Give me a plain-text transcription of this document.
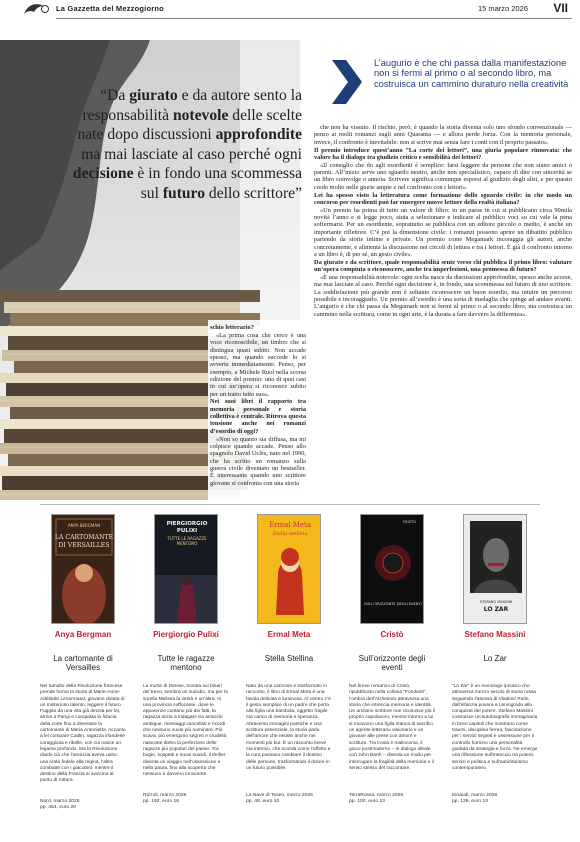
La Gazzetta del Mezzogiorno	15 marzo 2026 VII
“Da giurato e da autore sento la responsabilità notevole delle scelte nate dopo discussioni approfondite ma mai lasciate al caso perché ogni decisione è in fondo una scommessa sul futuro dello scrittore”
L’augurio è che chi passa dalla manifestazione non si fermi al primo o al secondo libro, ma costruisca un cammino duraturo nella creatività

schio letterario?

«La prima cosa che cerco è una voce riconoscibile, un timbro che si distingua quasi subito. Non accade spesso, ma quando succede lo si avverte immediatamente. Penso, per esempio, a Michele Ruol nella scorsa edizione del premio: uno di quei casi in cui un’opera si riconosce subito per un tratto tutto suo».

Nei suoi libri il rapporto tra memoria personale e storia collettiva è centrale. Ritrova questa tensione anche nei romanzi d’esordio di oggi?

«Non so quanto sia diffusa, ma mi colpisce quando accade. Penso allo spagnolo David Uclés, nato nel 1990, che ha scritto un romanzo sulla guerra civile diventato un bestseller. È interessante quando uno scrittore giovane si confronta con una storia

che non ha vissuto. Il rischio, però, è quando la storia diventa solo uno sfondo convenzionale — penso ai molti romanzi sugli anni Quaranta — e allora perde forza. Con la memoria personale, invece, il confronto è inevitabile: non si scrive mai senza fare i conti con il proprio passato».

Il premio introduce quest’anno “La corte dei lettori”, una giuria popolare rinnovata: che valore ha il dialogo tra giudizio critico e sensibilità dei lettori?

«Il consiglio che do agli esordienti è semplice: farsi leggere da persone che non siano amici o parenti. All’inizio serve uno sguardo neutro, anche non specialistico, capace di dire con sincerità se un libro coinvolge o annoia. Scrivere significa comunque esporsi al giudizio degli altri, e per questo credo molto nelle giurie ampie e nel confronto con i lettori».

Lei ha spesso visto la letteratura come formazione dello sguardo civile: in che modo un concorso per esordienti può far emergere nuove letture della realtà italiana?

«Un premio ha prima di tutto un valore di filtro: in un paese in cui si pubblicano circa 90mila novità l’anno e si legge poco, aiuta a selezionare e indicare al pubblico voci su cui vale la pena soffermarsi. Per un esordiente, soprattutto se pubblica con un editore piccolo o medio, è anche un importante riflettore. C’è poi la dimensione civile: i romanzi possono aprire un dibattito pubblico partendo da storie intime e private. Un premio come Megamark incoraggia gli autori, anche concretamente, e alimenta la discussione nei circoli di lettura e tra i lettori. È già il confronto intorno a un libro è, di per sé, un gesto civile».

Da giurato e da scrittore, quale responsabilità sente verso chi pubblica il primo libro: valutare un’opera compiuta o riconoscere, anche tra imperfezioni, una promessa di futuro?

«È una responsabilità notevole: ogni scelta nasce da discussioni approfondite, spesso anche accese, ma mai lasciate al caso. Perché ogni decisione è, in fondo, una scommessa sul futuro di uno scrittore. La soddisfazione più grande non è soltanto riconoscere un buon esordio, ma intuire un percorso possibile e incoraggiarlo. Un premio all’esordio è una sorta di medaglia che spinge ad andare avanti. L’augurio è che chi passa da Megamark non si fermi al primo o al secondo libro, ma costruisca un cammino nella scrittura, come in ogni arte, è la durata a fare davvero la differenza».

ANYA BERGMAN
LA CARTOMANTE
DI VERSAILLES
Anya Bergman
La cartomante di Versailles
Nel tumulto della Rivoluzione francese prende forma la storia di Marie-Anne-Adélaïde Lenormand, giovane dotata di un misterioso talento: leggere il futuro. Fuggita da una vita già decisa per lei, arriva a Parigi e conquista la fiducia della corte fino a diventare la cartomante di Maria Antonietta. Accanto a lei compare Caitlin, ragazza irlandese coraggiosa e ribelle, con cui nasce un legame profondo. Ma la Rivoluzione divide ciò che l’amicizia aveva unito: una resta fedele alla regina, l’altra combatte con i giacobini, mentre il destino della Francia si avvicina al punto di rottura.
Nord, marzo 2026
pp. 464, euro 20
PIERGIORGIO
PULIXI
TUTTE LE RAGAZZE
MENTONO
Piergiorgio Pulixi
Tutte le ragazze mentono
La morte di Denise, trovata sui binari del treno, sembra un suicidio, ma per la sorella Melissa la verità è un’altra. In una provincia soffocante, dove le apparenze contano più dei fatti, la ragazza inizia a indagare tra amicizie ambigue, messaggi cancellati e ricordi che nessuno vuole più nominare. Più scava, più emergono segreti e crudeltà nascoste dietro la perfezione delle ragazze più popolari del paese. Tra bugie, sospetti e nuovi suicidi, il thriller diventa un viaggio nell’ossessione e nella paura, fino alla scoperta che nessuno è davvero innocente.
Rizzoli, marzo 2026
pp. 192, euro 16
Ermal Meta
Stella stellina
Ermal Meta
Stella Stellina
Nato da una canzone e trasformato in racconto, il libro di Ermal Meta è una favola delicata e luminosa. Al centro c’è il gesto semplice di un padre che porta alla figlia una bambola, oggetto fragile ma carico di memoria e speranza. Attraverso immagini poetiche e una scrittura essenziale, la storia parla dell’amore che resiste anche nei momenti più bui. È un racconto breve ma intenso, che ricorda come l’affetto e la cura possano cambiare il destino delle persone, trasformando il dolore in un futuro possibile.
La Nave di Teseo, marzo 2026
pp. 48, euro 10
SULL’ORIZZONTE DEGLI EVENTI
CRISTÒ
Cristò
Sull’orizzonte degli eventi
Nel breve romanzo di Cristò, ripubblicato nella collana “Fondanti”, l’ombra dell’Alzheimer attraversa una storia che intreccia memoria e identità. Un anziano scrittore non riconosce più il proprio capolavoro, mentre intorno a lui si muovono una figlia stanca di sacrifici, un agente letterario visionario e un giovane alle prese con amore e scrittura. Tra ironia e malinconia, il gioco postmoderno – in dialogo ideale con John Barth – diventa un modo per interrogare la fragilità della memoria e il senso stesso del raccontare.
TerraRossa, marzo 2026
pp. 100, euro 13
STEFANO MASSINI
LO ZAR
Stefano Massini
Lo Zar
“Lo Zar” è un monologo ipnotico che attraversa mezzo secolo di storia russa seguendo l’ascesa di Vladimir Putin, dall’infanzia povera a Leningrado alla conquista del potere. Stefano Massini costruisce un’autobiografia immaginaria in brevi capitoli che mostrano come traumi, disciplina ferrea, fascinazione per i servizi segreti e ossessione per il controllo formino una personalità guidata da strategia e forza. Ne emerge una riflessione sull’intreccio tra potere, servizi e politica e sull’autoritarismo contemporaneo.
Einaudi, marzo 2026
pp. 136, euro 13
